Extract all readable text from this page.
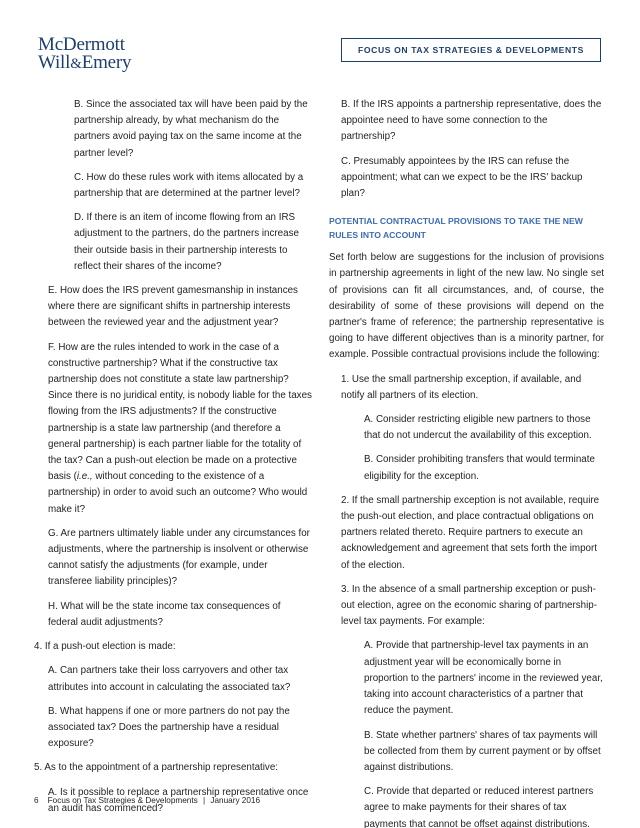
McDermott
Will&Emery
FOCUS ON TAX STRATEGIES & DEVELOPMENTS

B. Since the associated tax will have been paid by the partnership already, by what mechanism do the partners avoid paying tax on the same income at the partner level?

C. How do these rules work with items allocated by a partnership that are determined at the partner level?

D. If there is an item of income flowing from an IRS adjustment to the partners, do the partners increase their outside basis in their partnership interests to reflect their shares of the income?

E. How does the IRS prevent gamesmanship in instances where there are significant shifts in partnership interests between the reviewed year and the adjustment year?

F. How are the rules intended to work in the case of a constructive partnership? What if the constructive tax partnership does not constitute a state law partnership? Since there is no juridical entity, is nobody liable for the taxes flowing from the IRS adjustments? If the constructive partnership is a state law partnership (and therefore a general partnership) is each partner liable for the totality of the tax? Can a push-out election be made on a protective basis (i.e., without conceding to the existence of a partnership) in order to avoid such an outcome? Who would make it?

G. Are partners ultimately liable under any circumstances for adjustments, where the partnership is insolvent or otherwise cannot satisfy the adjustments (for example, under transferee liability principles)?

H. What will be the state income tax consequences of federal audit adjustments?

4. If a push-out election is made:

A. Can partners take their loss carryovers and other tax attributes into account in calculating the associated tax?

B. What happens if one or more partners do not pay the associated tax? Does the partnership have a residual exposure?

5. As to the appointment of a partnership representative:

A. Is it possible to replace a partnership representative once an audit has commenced?

B. If the IRS appoints a partnership representative, does the appointee need to have some connection to the partnership?

C. Presumably appointees by the IRS can refuse the appointment; what can we expect to be the IRS' backup plan?

POTENTIAL CONTRACTUAL PROVISIONS TO TAKE THE NEW RULES INTO ACCOUNT

Set forth below are suggestions for the inclusion of provisions in partnership agreements in light of the new law. No single set of provisions can fit all circumstances, and, of course, the desirability of some of these provisions will depend on the partner's frame of reference; the partnership representative is going to have different objectives than is a minority partner, for example. Possible contractual provisions include the following:

1. Use the small partnership exception, if available, and notify all partners of its election.

A. Consider restricting eligible new partners to those that do not undercut the availability of this exception.

B. Consider prohibiting transfers that would terminate eligibility for the exception.

2. If the small partnership exception is not available, require the push-out election, and place contractual obligations on partners related thereto. Require partners to execute an acknowledgement and agreement that sets forth the import of the election.

3. In the absence of a small partnership exception or push-out election, agree on the economic sharing of partnership-level tax payments. For example:

A. Provide that partnership-level tax payments in an adjustment year will be economically borne in proportion to the partners' income in the reviewed year, taking into account characteristics of a partner that reduce the payment.

B. State whether partners' shares of tax payments will be collected from them by current payment or by offset against distributions.

C. Provide that departed or reduced interest partners agree to make payments for their shares of tax payments that cannot be offset against distributions.

6 Focus on Tax Strategies & Developments | January 2016
